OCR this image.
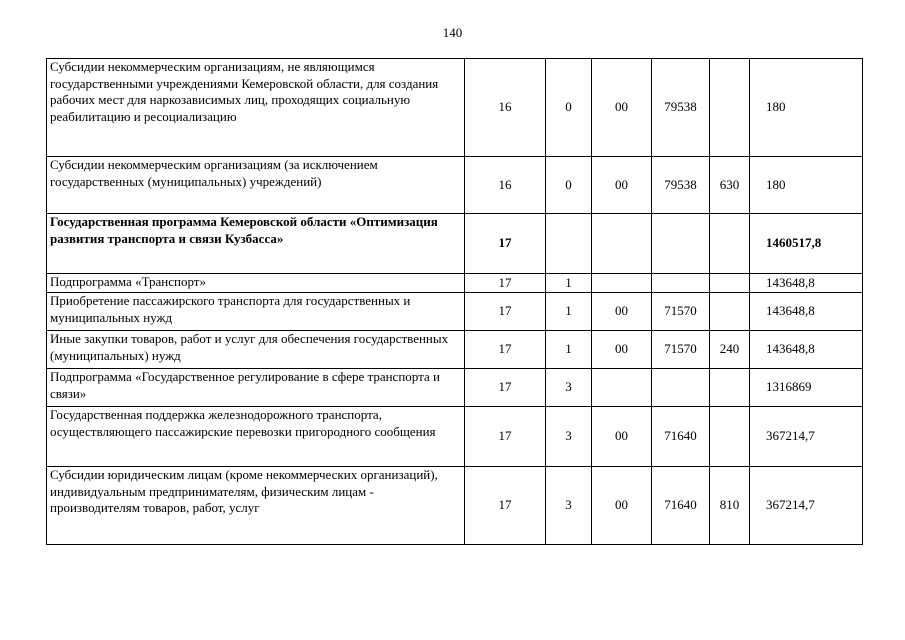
140
Субсидии некоммерческим организациям, не являющимся государственными учреждениями Кемеровской области, для создания рабочих мест для наркозависимых лиц, проходящих социальную реабилитацию и ресоциализацию	16	0	00	79538		180
Субсидии некоммерческим организациям (за исключением государственных (муниципальных) учреждений)	16	0	00	79538	630	180
Государственная программа Кемеровской области «Оптимизация развития транспорта и связи Кузбасса»	17					1460517,8
Подпрограмма «Транспорт»	17	1				143648,8
Приобретение пассажирского транспорта для государственных и муниципальных нужд	17	1	00	71570		143648,8
Иные закупки товаров, работ и услуг для обеспечения государственных (муниципальных) нужд	17	1	00	71570	240	143648,8
Подпрограмма «Государственное регулирование в сфере транспорта и связи»	17	3				1316869
Государственная поддержка железнодорожного транспорта, осуществляющего пассажирские перевозки пригородного сообщения	17	3	00	71640		367214,7
Субсидии юридическим лицам (кроме некоммерческих организаций), индивидуальным предпринимателям, физическим лицам - производителям товаров, работ, услуг	17	3	00	71640	810	367214,7
